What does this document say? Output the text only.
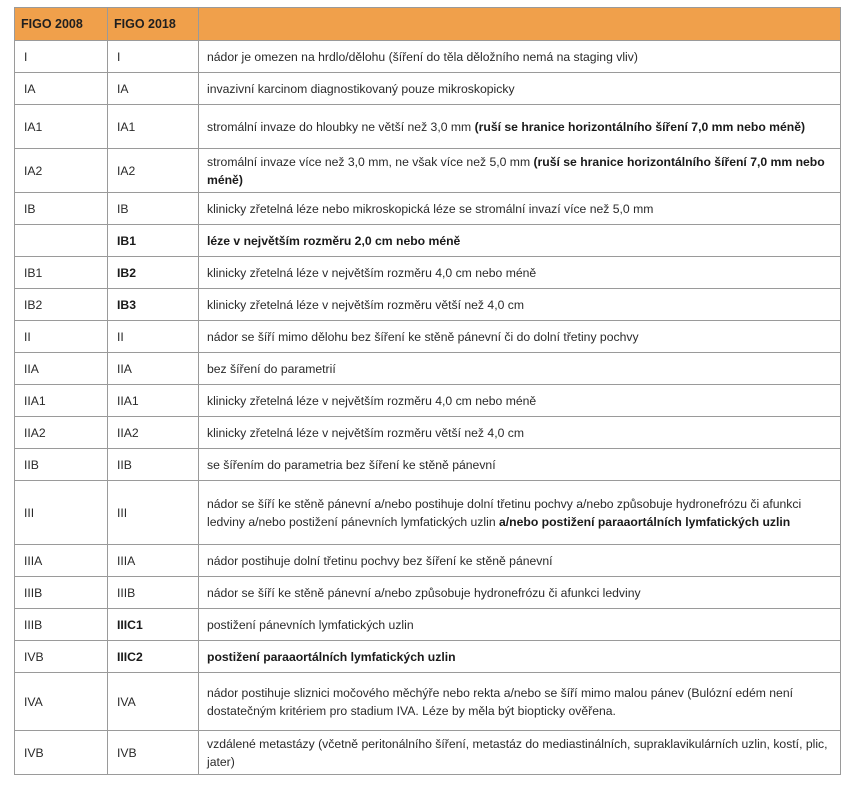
FIGO 2008	FIGO 2018	
I	I	nádor je omezen na hrdlo/dělohu (šíření do těla děložního nemá na staging vliv)
IA	IA	invazivní karcinom diagnostikovaný pouze mikroskopicky
IA1	IA1	stromální invaze do hloubky ne větší než 3,0 mm (ruší se hranice horizontálního šíření 7,0 mm nebo méně)
IA2	IA2	stromální invaze více než 3,0 mm, ne však více než 5,0 mm (ruší se hranice horizontálního šíření 7,0 mm nebo méně)
IB	IB	klinicky zřetelná léze nebo mikroskopická léze se stromální invazí více než 5,0 mm
	IB1	léze v největším rozměru 2,0 cm nebo méně
IB1	IB2	klinicky zřetelná léze v největším rozměru 4,0 cm nebo méně
IB2	IB3	klinicky zřetelná léze v největším rozměru větší než 4,0 cm
II	II	nádor se šíří mimo dělohu bez šíření ke stěně pánevní či do dolní třetiny pochvy
IIA	IIA	bez šíření do parametrií
IIA1	IIA1	klinicky zřetelná léze v největším rozměru 4,0 cm nebo méně
IIA2	IIA2	klinicky zřetelná léze v největším rozměru větší než 4,0 cm
IIB	IIB	se šířením do parametria bez šíření ke stěně pánevní
III	III	nádor se šíří ke stěně pánevní a/nebo postihuje dolní třetinu pochvy a/nebo způsobuje hydronefrózu či afunkci ledviny a/nebo postižení pánevních lymfatických uzlin a/nebo postižení paraaortálních lymfatických uzlin
IIIA	IIIA	nádor postihuje dolní třetinu pochvy bez šíření ke stěně pánevní
IIIB	IIIB	nádor se šíří ke stěně pánevní a/nebo způsobuje hydronefrózu či afunkci ledviny
IIIB	IIIC1	postižení pánevních lymfatických uzlin
IVB	IIIC2	postižení paraaortálních lymfatických uzlin
IVA	IVA	nádor postihuje sliznici močového měchýře nebo rekta a/nebo se šíří mimo malou pánev (Bulózní edém není dostatečným kritériem pro stadium IVA. Léze by měla být biopticky ověřena.
IVB	IVB	vzdálené metastázy (včetně peritonálního šíření, metastáz do mediastinálních, supraklavikulárních uzlin, kostí, plic, jater)
